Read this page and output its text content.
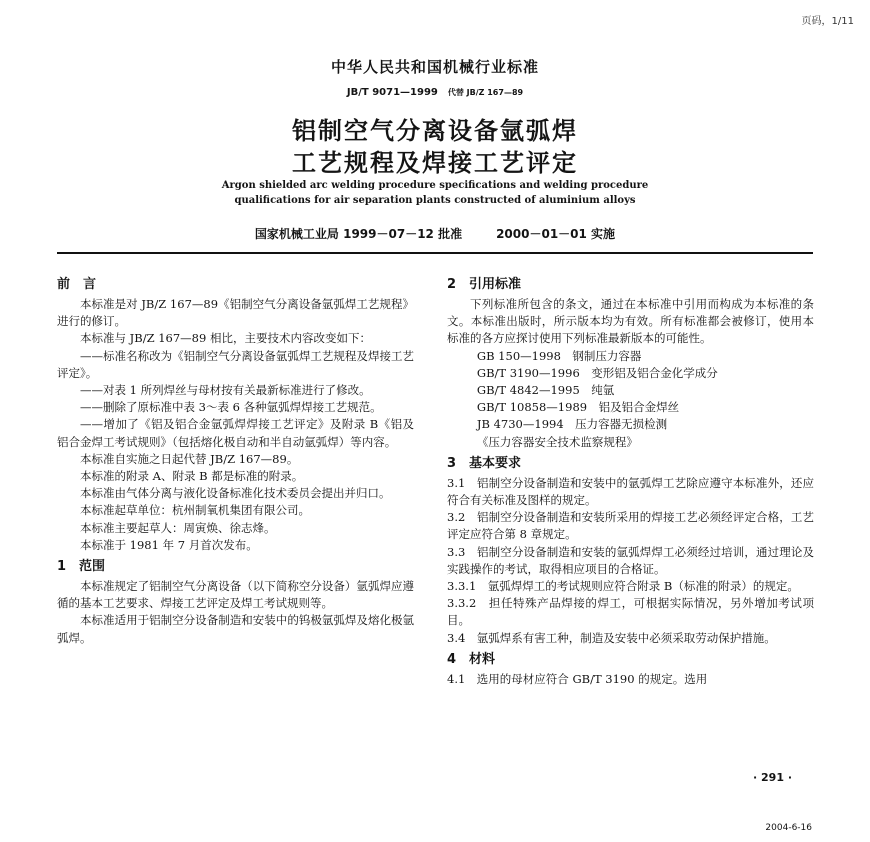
页码，1/11
中华人民共和国机械行业标准
JB/T 9071—1999 代替 JB/Z 167—89
铝制空气分离设备氩弧焊
工艺规程及焊接工艺评定
Argon shielded arc welding procedure specifications and welding procedure
qualifications for air separation plants constructed of aluminium alloys
国家机械工业局 1999－07－12 批准	2000－01－01 实施
前　言

本标准是对 JB/Z 167—89《铝制空气分离设备氩弧焊工艺规程》进行的修订。

本标准与 JB/Z 167—89 相比，主要技术内容改变如下：

——标准名称改为《铝制空气分离设备氩弧焊工艺规程及焊接工艺评定》。

——对表 1 所列焊丝与母材按有关最新标准进行了修改。

——删除了原标准中表 3～表 6 各种氩弧焊焊接工艺规范。

——增加了《铝及铝合金氩弧焊焊接工艺评定》及附录 B《铝及铝合金焊工考试规则》（包括熔化极自动和半自动氩弧焊）等内容。

本标准自实施之日起代替 JB/Z 167—89。

本标准的附录 A、附录 B 都是标准的附录。

本标准由气体分离与液化设备标准化技术委员会提出并归口。

本标准起草单位：杭州制氧机集团有限公司。

本标准主要起草人：周寅焕、徐志烽。

本标准于 1981 年 7 月首次发布。

1　范围

本标准规定了铝制空气分离设备（以下简称空分设备）氩弧焊应遵循的基本工艺要求、焊接工艺评定及焊工考试规则等。

本标准适用于铝制空分设备制造和安装中的钨极氩弧焊及熔化极氩弧焊。

2　引用标准

下列标准所包含的条文，通过在本标准中引用而构成为本标准的条文。本标准出版时，所示版本均为有效。所有标准都会被修订，使用本标准的各方应探讨使用下列标准最新版本的可能性。

GB 150—1998　钢制压力容器

GB/T 3190—1996　变形铝及铝合金化学成分

GB/T 4842—1995　纯氩

GB/T 10858—1989　铝及铝合金焊丝

JB 4730—1994　压力容器无损检测

《压力容器安全技术监察规程》

3　基本要求

3.1　铝制空分设备制造和安装中的氩弧焊工艺除应遵守本标准外，还应符合有关标准及图样的规定。

3.2　铝制空分设备制造和安装所采用的焊接工艺必须经评定合格，工艺评定应符合第 8 章规定。

3.3　铝制空分设备制造和安装的氩弧焊焊工必须经过培训，通过理论及实践操作的考试，取得相应项目的合格证。

3.3.1　氩弧焊焊工的考试规则应符合附录 B（标准的附录）的规定。

3.3.2　担任特殊产品焊接的焊工，可根据实际情况，另外增加考试项目。

3.4　氩弧焊系有害工种，制造及安装中必须采取劳动保护措施。

4　材料

4.1　选用的母材应符合 GB/T 3190 的规定。选用

· 291 ·
2004-6-16
